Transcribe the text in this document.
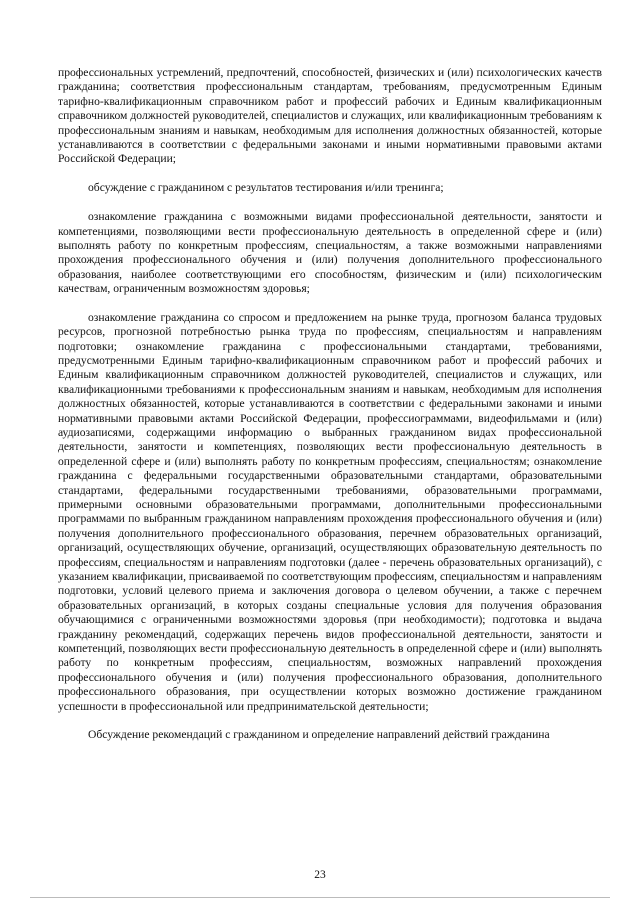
профессиональных устремлений, предпочтений, способностей, физических и (или) психологических качеств гражданина; соответствия профессиональным стандартам, требованиям, предусмотренным Единым тарифно-квалификационным справочником работ и профессий рабочих и Единым квалификационным справочником должностей руководителей, специалистов и служащих, или квалификационным требованиям к профессиональным знаниям и навыкам, необходимым для исполнения должностных обязанностей, которые устанавливаются в соответствии с федеральными законами и иными нормативными правовыми актами Российской Федерации;

обсуждение с гражданином с результатов тестирования и/или тренинга;

ознакомление гражданина с возможными видами профессиональной деятельности, занятости и компетенциями, позволяющими вести профессиональную деятельность в определенной сфере и (или) выполнять работу по конкретным профессиям, специальностям, а также возможными направлениями прохождения профессионального обучения и (или) получения дополнительного профессионального образования, наиболее соответствующими его способностям, физическим и (или) психологическим качествам, ограниченным возможностям здоровья;

ознакомление гражданина со спросом и предложением на рынке труда, прогнозом баланса трудовых ресурсов, прогнозной потребностью рынка труда по профессиям, специальностям и направлениям подготовки; ознакомление гражданина с профессиональными стандартами, требованиями, предусмотренными Единым тарифно-квалификационным справочником работ и профессий рабочих и Единым квалификационным справочником должностей руководителей, специалистов и служащих, или квалификационными требованиями к профессиональным знаниям и навыкам, необходимым для исполнения должностных обязанностей, которые устанавливаются в соответствии с федеральными законами и иными нормативными правовыми актами Российской Федерации, профессиограммами, видеофильмами и (или) аудиозаписями, содержащими информацию о выбранных гражданином видах профессиональной деятельности, занятости и компетенциях, позволяющих вести профессиональную деятельность в определенной сфере и (или) выполнять работу по конкретным профессиям, специальностям; ознакомление гражданина с федеральными государственными образовательными стандартами, образовательными стандартами, федеральными государственными требованиями, образовательными программами, примерными основными образовательными программами, дополнительными профессиональными программами по выбранным гражданином направлениям прохождения профессионального обучения и (или) получения дополнительного профессионального образования, перечнем образовательных организаций, организаций, осуществляющих обучение, организаций, осуществляющих образовательную деятельность по профессиям, специальностям и направлениям подготовки (далее - перечень образовательных организаций), с указанием квалификации, присваиваемой по соответствующим профессиям, специальностям и направлениям подготовки, условий целевого приема и заключения договора о целевом обучении, а также с перечнем образовательных организаций, в которых созданы специальные условия для получения образования обучающимися с ограниченными возможностями здоровья (при необходимости); подготовка и выдача гражданину рекомендаций, содержащих перечень видов профессиональной деятельности, занятости и компетенций, позволяющих вести профессиональную деятельность в определенной сфере и (или) выполнять работу по конкретным профессиям, специальностям, возможных направлений прохождения профессионального обучения и (или) получения профессионального образования, дополнительного профессионального образования, при осуществлении которых возможно достижение гражданином успешности в профессиональной или предпринимательской деятельности;

Обсуждение рекомендаций с гражданином и определение направлений действий гражданина

23
